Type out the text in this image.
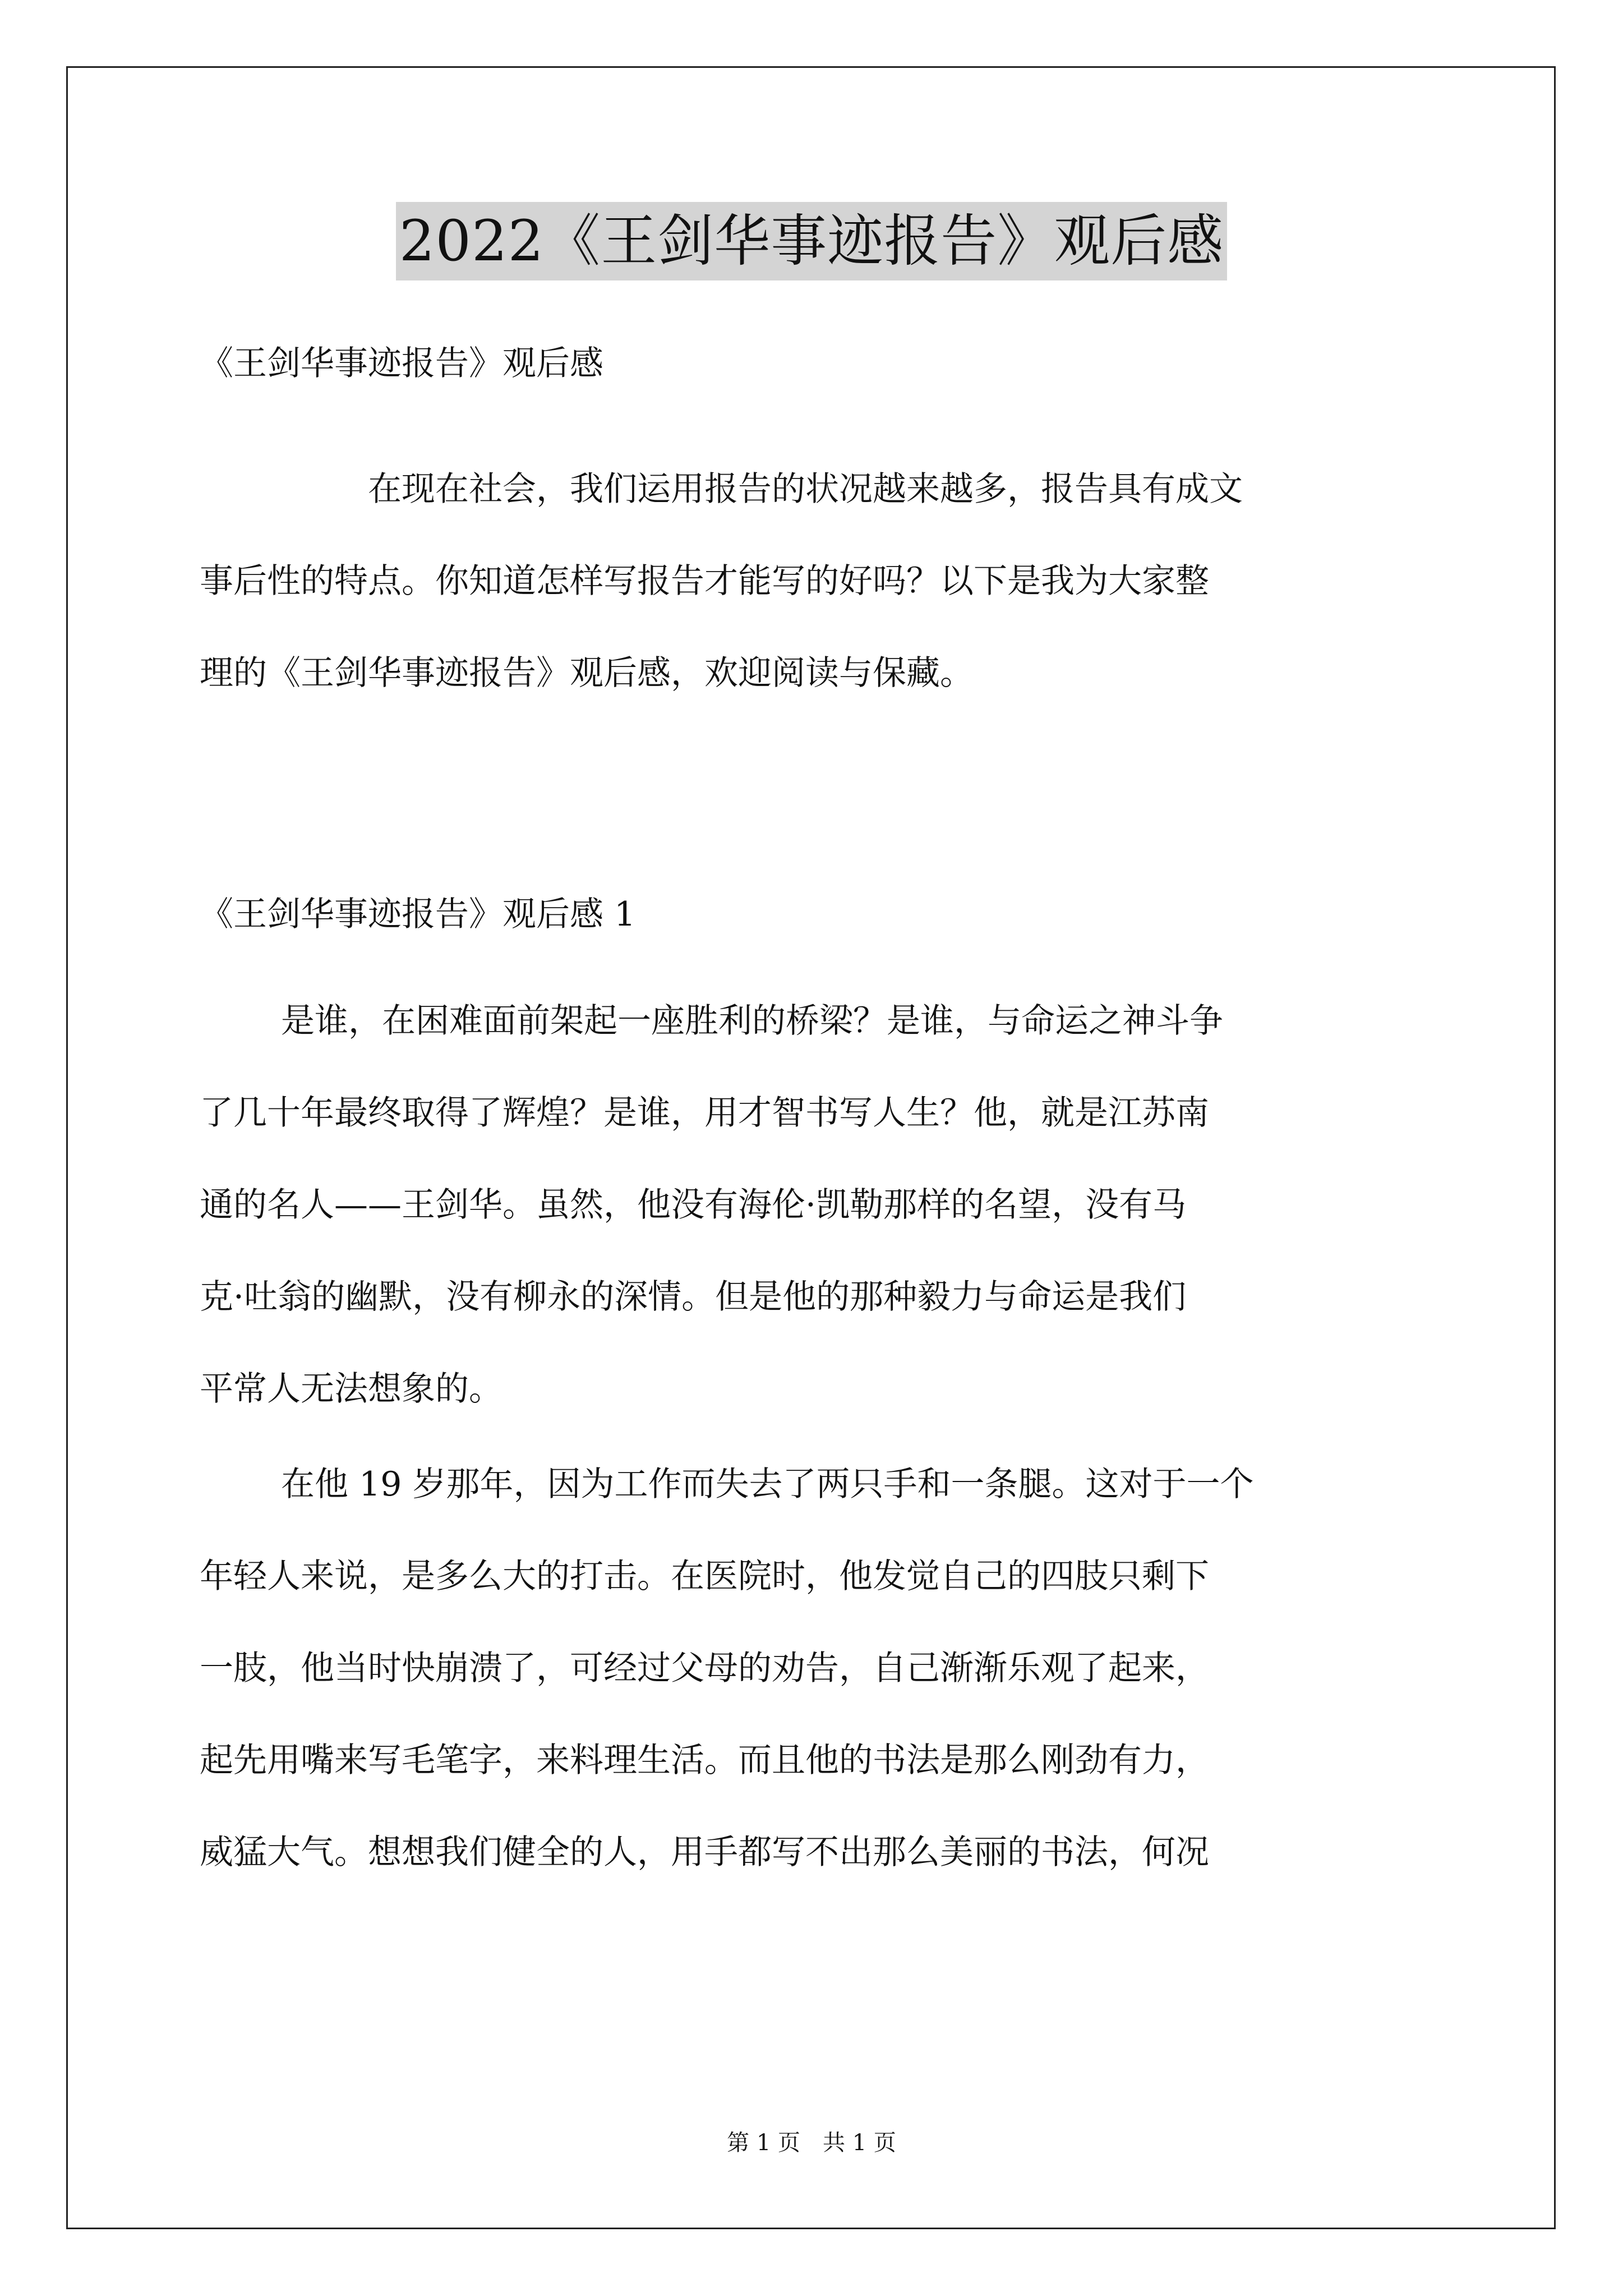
2022《王剑华事迹报告》观后感
《王剑华事迹报告》观后感
在现在社会，我们运用报告的状况越来越多，报告具有成文
事后性的特点。你知道怎样写报告才能写的好吗？以下是我为大家整
理的《王剑华事迹报告》观后感，欢迎阅读与保藏。
《王剑华事迹报告》观后感 1
是谁，在困难面前架起一座胜利的桥梁？是谁，与命运之神斗争
了几十年最终取得了辉煌？是谁，用才智书写人生？他，就是江苏南
通的名人——王剑华。虽然，他没有海伦·凯勒那样的名望，没有马
克·吐翁的幽默，没有柳永的深情。但是他的那种毅力与命运是我们
平常人无法想象的。
在他 19 岁那年，因为工作而失去了两只手和一条腿。这对于一个
年轻人来说，是多么大的打击。在医院时，他发觉自己的四肢只剩下
一肢，他当时快崩溃了，可经过父母的劝告，自己渐渐乐观了起来，
起先用嘴来写毛笔字，来料理生活。而且他的书法是那么刚劲有力，
威猛大气。想想我们健全的人，用手都写不出那么美丽的书法，何况
第 1 页 共 1 页
